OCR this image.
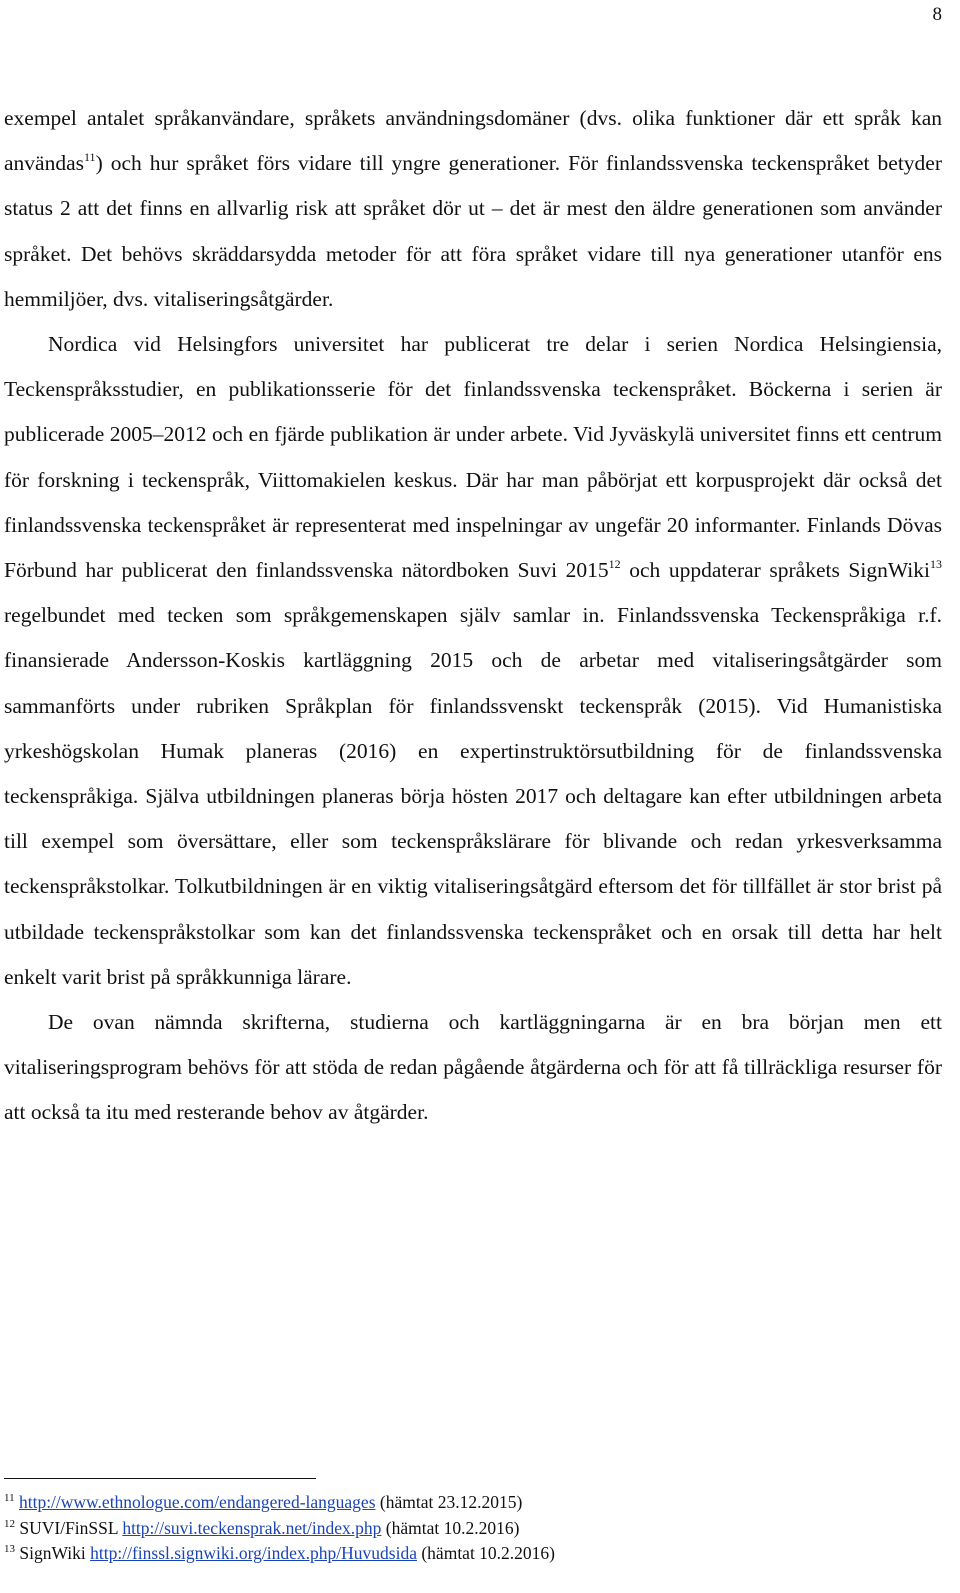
8

exempel antalet språkanvändare, språkets användningsdomäner (dvs. olika funktioner där ett språk kan användas$^{11}$) och hur språket förs vidare till yngre generationer. För finlandssvenska teckenspråket betyder status 2 att det finns en allvarlig risk att språket dör ut – det är mest den äldre generationen som använder språket. Det behövs skräddarsydda metoder för att föra språket vidare till nya generationer utanför ens hemmiljöer, dvs. vitaliseringsåtgärder.

Nordica vid Helsingfors universitet har publicerat tre delar i serien Nordica Helsingiensia, Teckenspråksstudier, en publikationsserie för det finlandssvenska teckenspråket. Böckerna i serien är publicerade 2005–2012 och en fjärde publikation är under arbete. Vid Jyväskylä universitet finns ett centrum för forskning i teckenspråk, Viittomakielen keskus. Där har man påbörjat ett korpusprojekt där också det finlandssvenska teckenspråket är representerat med inspelningar av ungefär 20 informanter. Finlands Dövas Förbund har publicerat den finlandssvenska nätordboken Suvi 2015$^{12}$ och uppdaterar språkets SignWiki$^{13}$ regelbundet med tecken som språkgemenskapen själv samlar in. Finlandssvenska Teckenspråkiga r.f. finansierade Andersson-Koskis kartläggning 2015 och de arbetar med vitaliseringsåtgärder som sammanförts under rubriken Språkplan för finlandssvenskt teckenspråk (2015). Vid Humanistiska yrkeshögskolan Humak planeras (2016) en expertinstruktörsutbildning för de finlandssvenska teckenspråkiga. Själva utbildningen planeras börja hösten 2017 och deltagare kan efter utbildningen arbeta till exempel som översättare, eller som teckenspråkslärare för blivande och redan yrkesverksamma teckenspråkstolkar. Tolkutbildningen är en viktig vitaliseringsåtgärd eftersom det för tillfället är stor brist på utbildade teckenspråkstolkar som kan det finlandssvenska teckenspråket och en orsak till detta har helt enkelt varit brist på språkkunniga lärare.

De ovan nämnda skrifterna, studierna och kartläggningarna är en bra början men ett vitaliseringsprogram behövs för att stöda de redan pågående åtgärderna och för att få tillräckliga resurser för att också ta itu med resterande behov av åtgärder.

$^{11}$ http://www.ethnologue.com/endangered-languages (hämtat 23.12.2015)
$^{12}$ SUVI/FinSSL http://suvi.teckensprak.net/index.php (hämtat 10.2.2016)
$^{13}$ SignWiki http://finssl.signwiki.org/index.php/Huvudsida (hämtat 10.2.2016)
